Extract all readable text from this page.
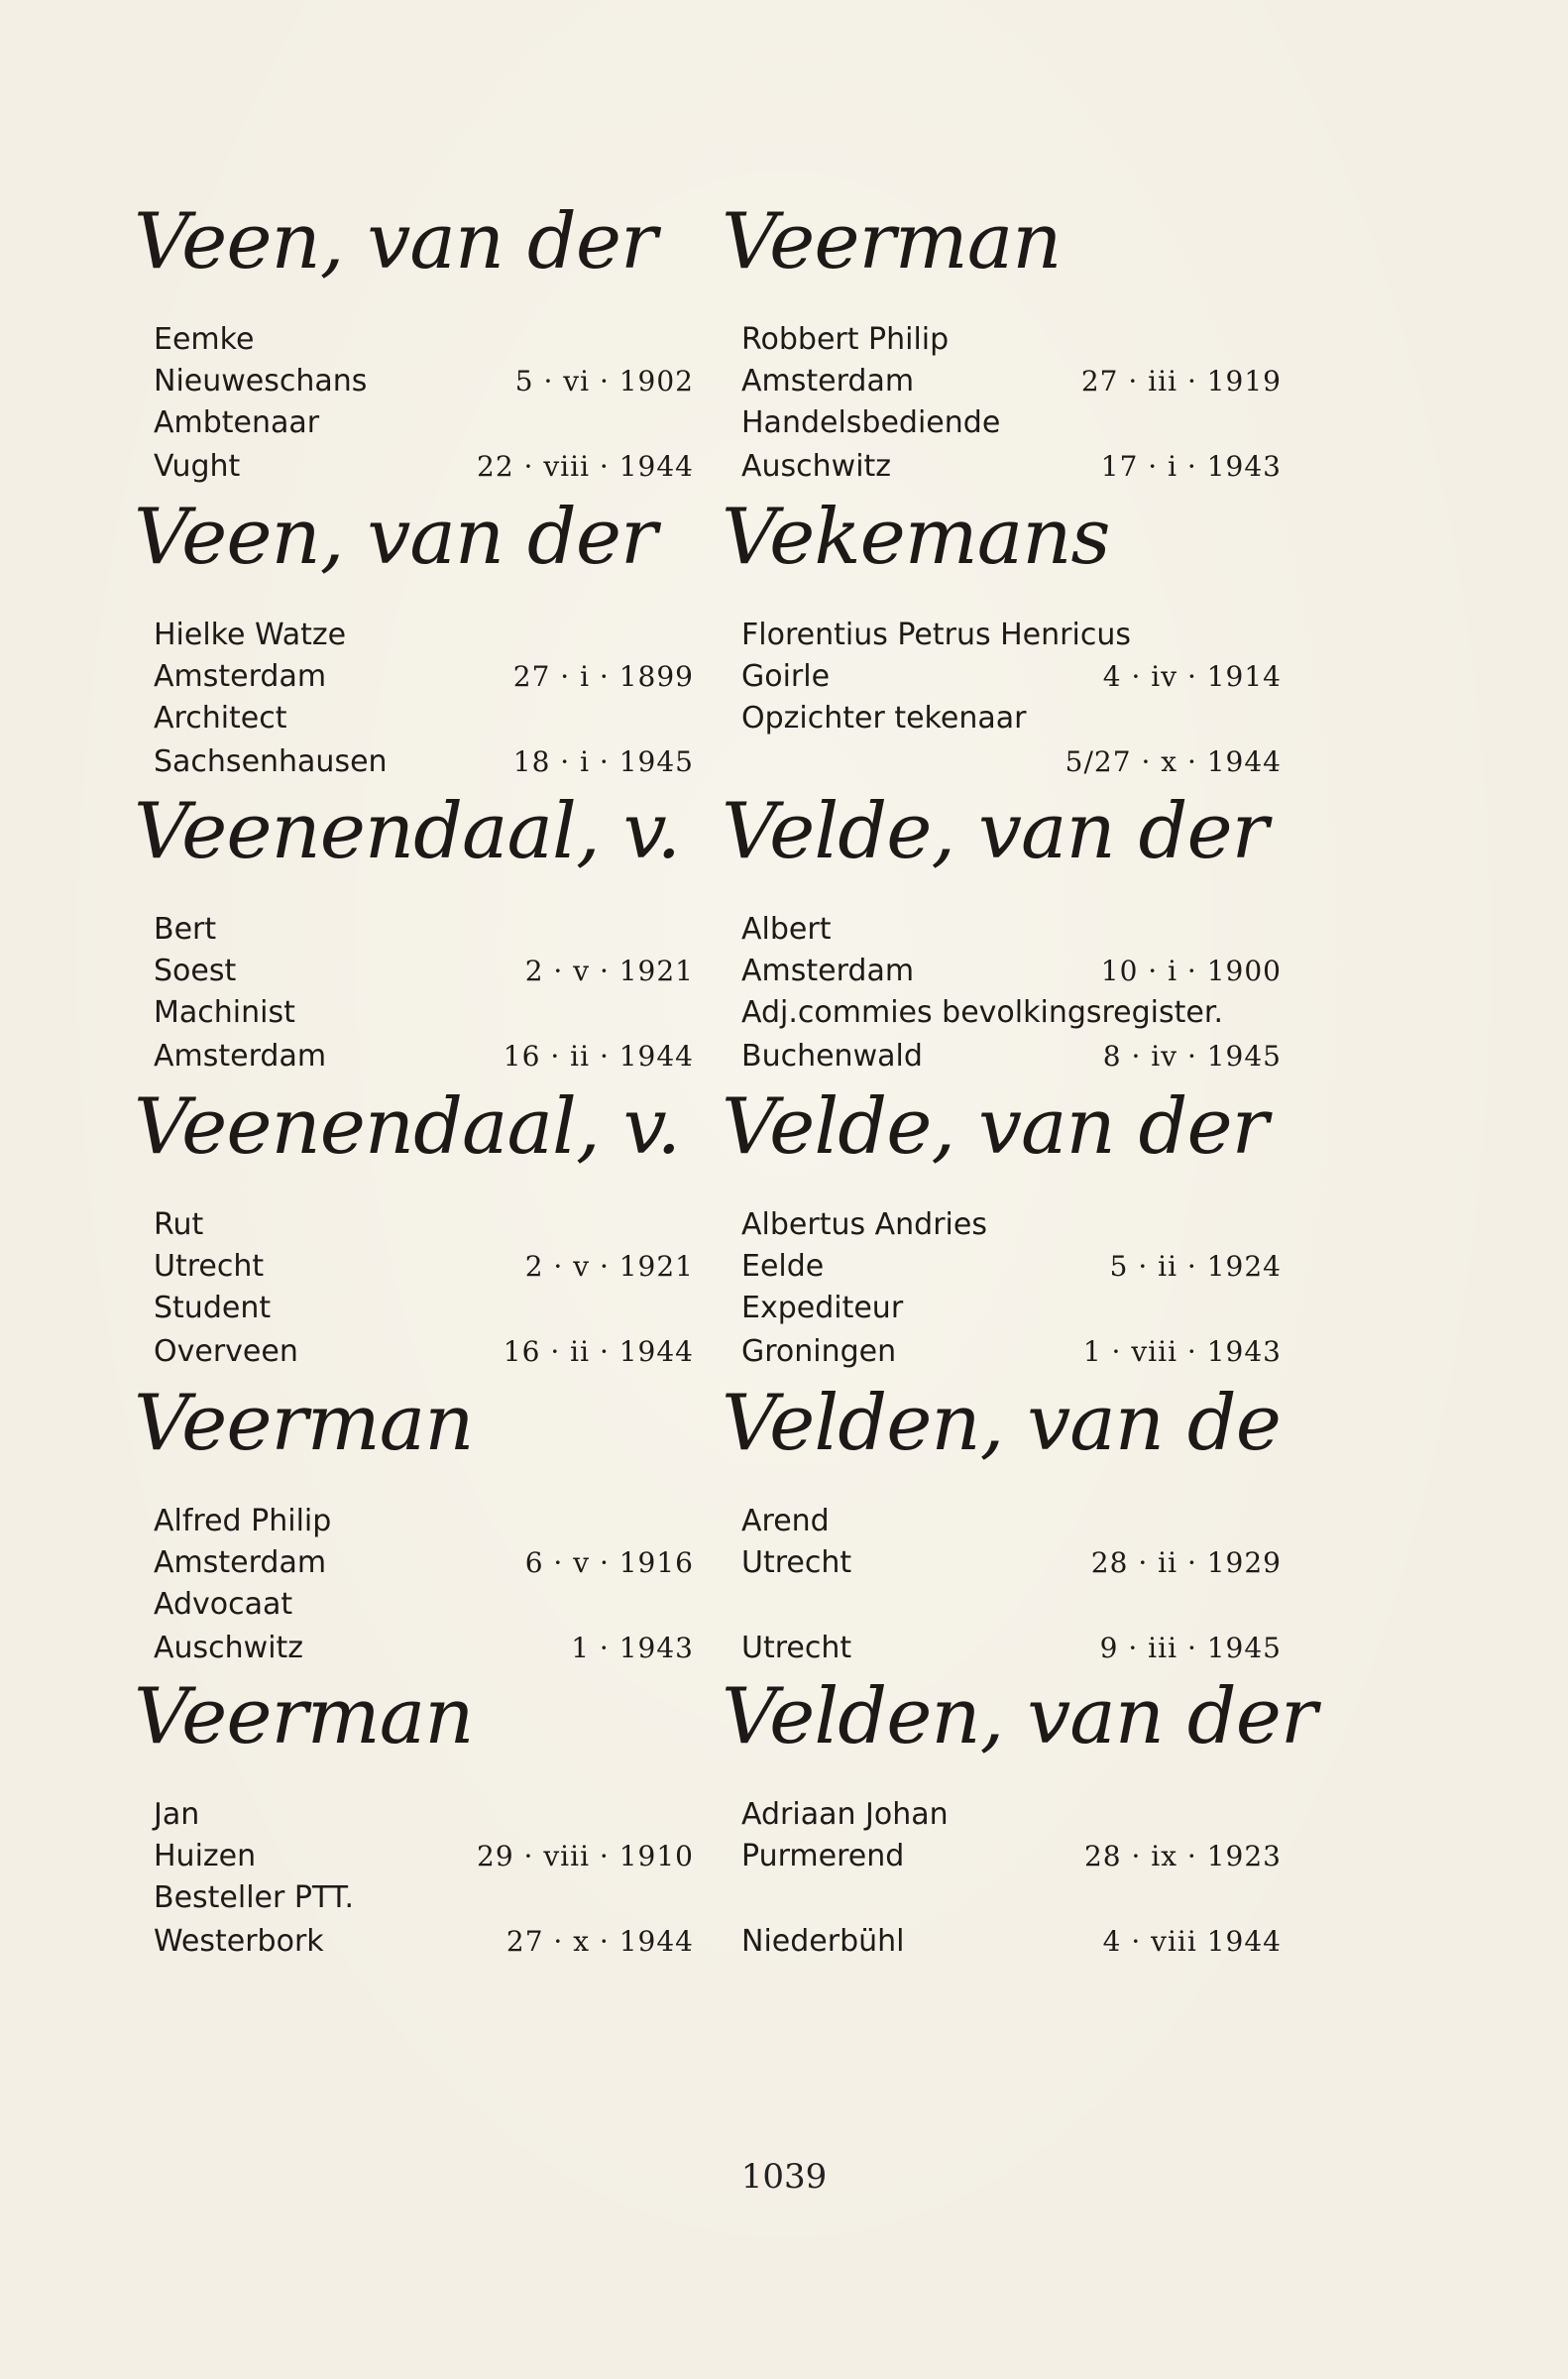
Veen, van der
Eemke
Nieuweschans	5 · vi · 1902
Ambtenaar
Vught	22 · viii · 1944
Veen, van der
Hielke Watze
Amsterdam	27 · i · 1899
Architect
Sachsenhausen	18 · i · 1945
Veenendaal, v.
Bert
Soest	2 · v · 1921
Machinist
Amsterdam	16 · ii · 1944
Veenendaal, v.
Rut
Utrecht	2 · v · 1921
Student
Overveen	16 · ii · 1944
Veerman
Alfred Philip
Amsterdam	6 · v · 1916
Advocaat
Auschwitz	1 · 1943
Veerman
Jan
Huizen	29 · viii · 1910
Besteller PTT.
Westerbork	27 · x · 1944
Veerman
Robbert Philip
Amsterdam	27 · iii · 1919
Handelsbediende
Auschwitz	17 · i · 1943
Vekemans
Florentius Petrus Henricus
Goirle	4 · iv · 1914
Opzichter tekenaar
5/27 · x · 1944
Velde, van der
Albert
Amsterdam	10 · i · 1900
Adj.commies bevolkingsregister.
Buchenwald	8 · iv · 1945
Velde, van der
Albertus Andries
Eelde	5 · ii · 1924
Expediteur
Groningen	1 · viii · 1943
Velden, van de
Arend
Utrecht	28 · ii · 1929
Utrecht	9 · iii · 1945
Velden, van der
Adriaan Johan
Purmerend	28 · ix · 1923
Niederbühl	4 · viii 1944
1039
